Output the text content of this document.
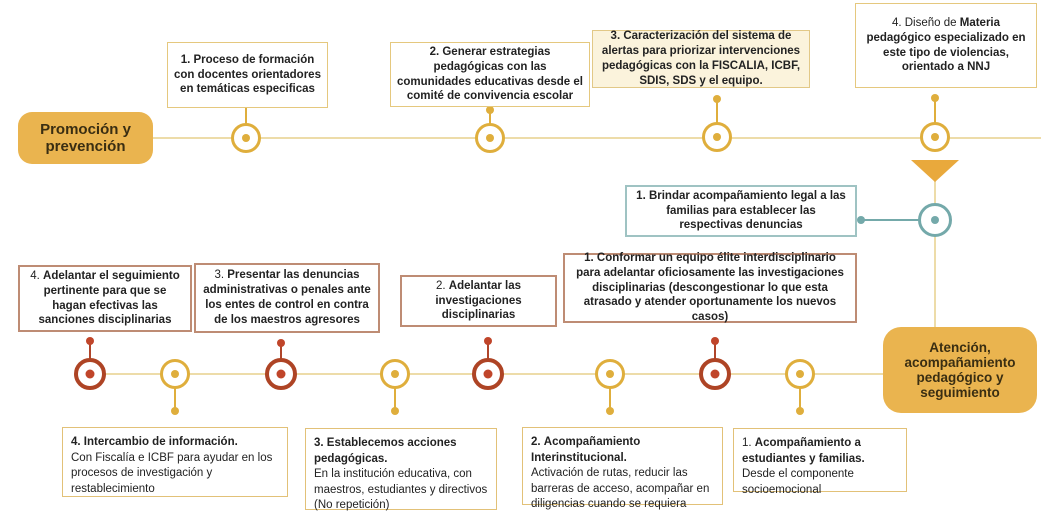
Promoción y prevención
Atención, acompañamiento pedagógico y seguimiento
1. Proceso de formación con docentes orientadores en temáticas especificas
2. Generar estrategias pedagógicas con las comunidades educativas desde el comité de convivencia escolar
3. Caracterización del sistema de alertas para priorizar intervenciones pedagógicas con la FISCALIA, ICBF, SDIS, SDS y el equipo.
4. Diseño de Materia pedagógico especializado en este tipo de violencias, orientado a NNJ
1. Brindar acompañamiento legal a las familias para establecer las respectivas denuncias
4. Adelantar el seguimiento pertinente para que se hagan efectivas las sanciones disciplinarias
3. Presentar las denuncias administrativas o penales ante los entes de control en contra de los maestros agresores
2. Adelantar las investigaciones disciplinarias
1. Conformar un equipo élite interdisciplinario para adelantar oficiosamente las investigaciones disciplinarias (descongestionar lo que esta atrasado y atender oportunamente los nuevos casos)
4. Intercambio de información.
Con Fiscalía e ICBF para ayudar en los procesos de investigación y restablecimiento
3. Establecemos acciones pedagógicas.
En la institución educativa, con maestros, estudiantes y directivos (No repetición)
2. Acompañamiento Interinstitucional.
Activación de rutas, reducir las barreras de acceso, acompañar en diligencias cuando se requiera
1. Acompañamiento a estudiantes y familias. Desde el componente socioemocional
